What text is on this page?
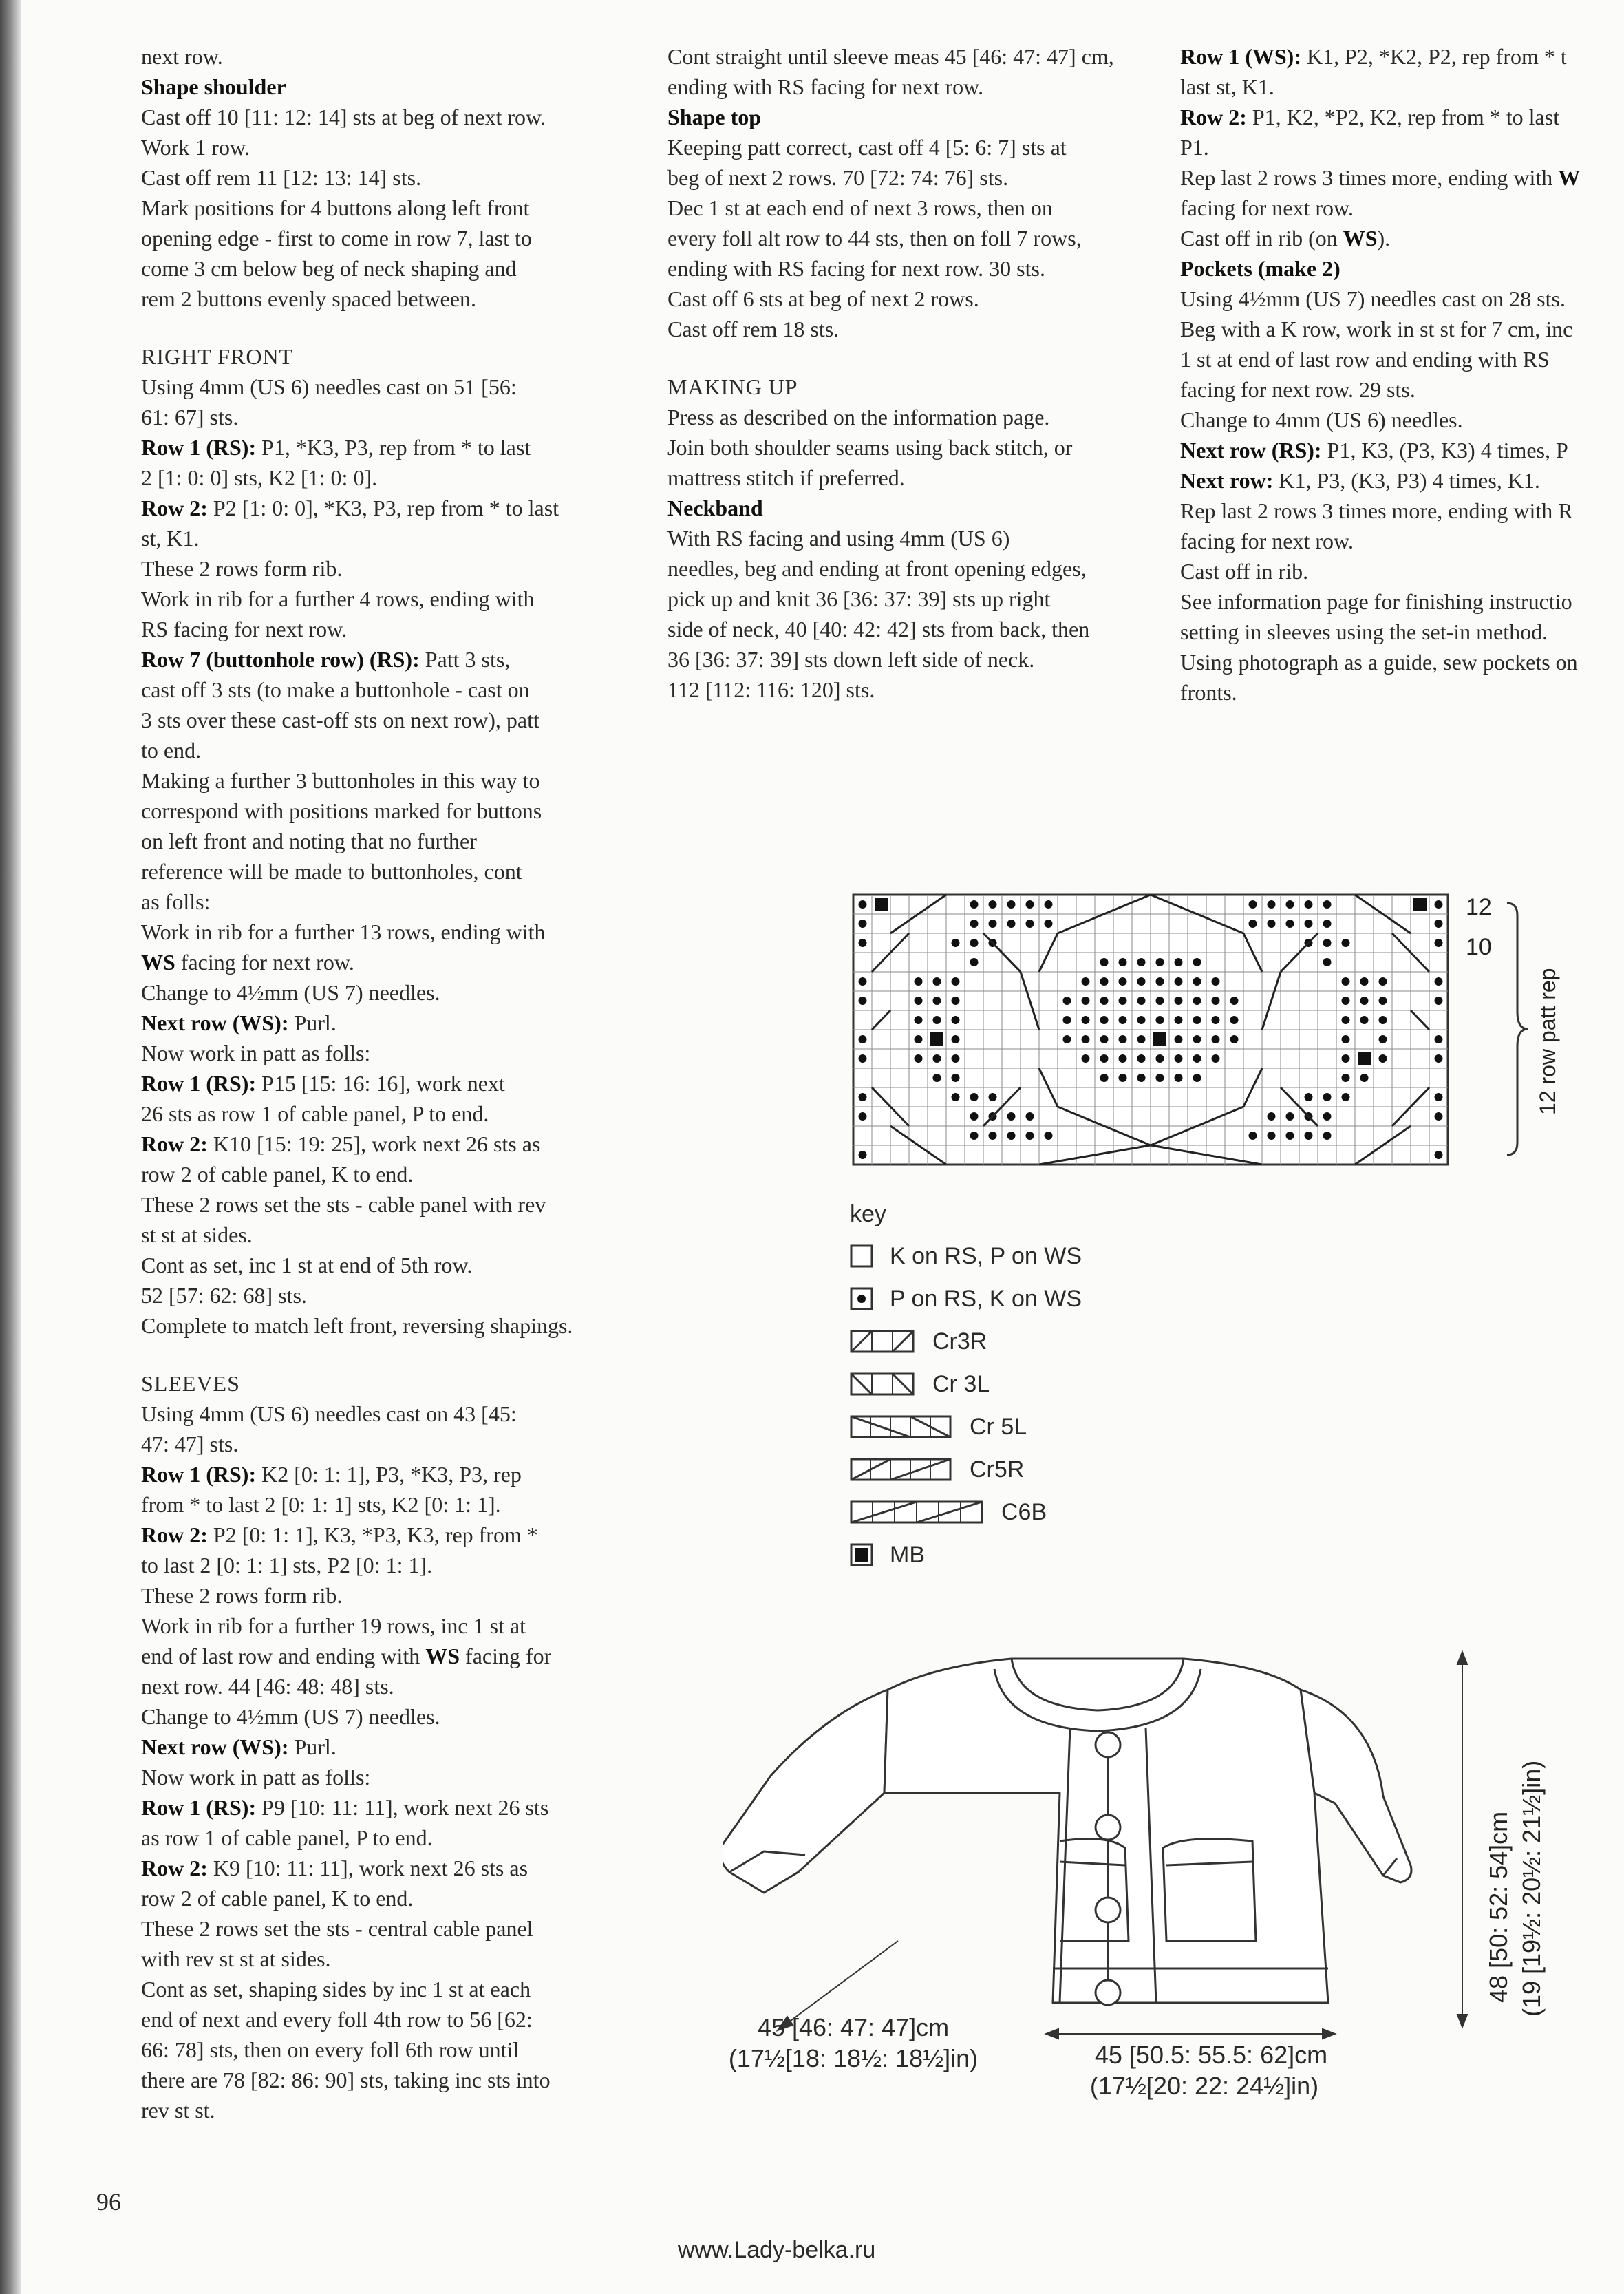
next row.

Shape shoulder

Cast off 10 [11: 12: 14] sts at beg of next row.

Work 1 row.

Cast off rem 11 [12: 13: 14] sts.

Mark positions for 4 buttons along left front

opening edge - first to come in row 7, last to

come 3 cm below beg of neck shaping and

rem 2 buttons evenly spaced between.

RIGHT FRONT

Using 4mm (US 6) needles cast on 51 [56:
61: 67] sts.

Row 1 (RS): P1, *K3, P3, rep from * to last
2 [1: 0: 0] sts, K2 [1: 0: 0].

Row 2: P2 [1: 0: 0], *K3, P3, rep from * to last
st, K1.

These 2 rows form rib.

Work in rib for a further 4 rows, ending with
RS facing for next row.

Row 7 (buttonhole row) (RS): Patt 3 sts,
cast off 3 sts (to make a buttonhole - cast on
3 sts over these cast-off sts on next row), patt
to end.

Making a further 3 buttonholes in this way to
correspond with positions marked for buttons
on left front and noting that no further
reference will be made to buttonholes, cont
as folls:

Work in rib for a further 13 rows, ending with
WS facing for next row.

Change to 4½mm (US 7) needles.

Next row (WS): Purl.

Now work in patt as folls:

Row 1 (RS): P15 [15: 16: 16], work next
26 sts as row 1 of cable panel, P to end.

Row 2: K10 [15: 19: 25], work next 26 sts as
row 2 of cable panel, K to end.

These 2 rows set the sts - cable panel with rev
st st at sides.

Cont as set, inc 1 st at end of 5th row.
52 [57: 62: 68] sts.

Complete to match left front, reversing shapings.

SLEEVES

Using 4mm (US 6) needles cast on 43 [45:
47: 47] sts.

Row 1 (RS): K2 [0: 1: 1], P3, *K3, P3, rep
from * to last 2 [0: 1: 1] sts, K2 [0: 1: 1].

Row 2: P2 [0: 1: 1], K3, *P3, K3, rep from *
to last 2 [0: 1: 1] sts, P2 [0: 1: 1].

These 2 rows form rib.

Work in rib for a further 19 rows, inc 1 st at
end of last row and ending with WS facing for
next row. 44 [46: 48: 48] sts.

Change to 4½mm (US 7) needles.

Next row (WS): Purl.

Now work in patt as folls:

Row 1 (RS): P9 [10: 11: 11], work next 26 sts
as row 1 of cable panel, P to end.

Row 2: K9 [10: 11: 11], work next 26 sts as
row 2 of cable panel, K to end.

These 2 rows set the sts - central cable panel
with rev st st at sides.

Cont as set, shaping sides by inc 1 st at each
end of next and every foll 4th row to 56 [62:
66: 78] sts, then on every foll 6th row until
there are 78 [82: 86: 90] sts, taking inc sts into
rev st st.

Cont straight until sleeve meas 45 [46: 47: 47] cm,
ending with RS facing for next row.

Shape top

Keeping patt correct, cast off 4 [5: 6: 7] sts at
beg of next 2 rows. 70 [72: 74: 76] sts.
Dec 1 st at each end of next 3 rows, then on
every foll alt row to 44 sts, then on foll 7 rows,
ending with RS facing for next row. 30 sts.
Cast off 6 sts at beg of next 2 rows.
Cast off rem 18 sts.

MAKING UP

Press as described on the information page.
Join both shoulder seams using back stitch, or
mattress stitch if preferred.

Neckband

With RS facing and using 4mm (US 6)
needles, beg and ending at front opening edges,
pick up and knit 36 [36: 37: 39] sts up right
side of neck, 40 [40: 42: 42] sts from back, then
36 [36: 37: 39] sts down left side of neck.
112 [112: 116: 120] sts.

Row 1 (WS): K1, P2, *K2, P2, rep from * t
last st, K1.

Row 2: P1, K2, *P2, K2, rep from * to last
P1.

Rep last 2 rows 3 times more, ending with W
facing for next row.

Cast off in rib (on WS).

Pockets (make 2)

Using 4½mm (US 7) needles cast on 28 sts.
Beg with a K row, work in st st for 7 cm, inc
1 st at end of last row and ending with RS
facing for next row. 29 sts.
Change to 4mm (US 6) needles.

Next row (RS): P1, K3, (P3, K3) 4 times, P

Next row: K1, P3, (K3, P3) 4 times, K1.

Rep last 2 rows 3 times more, ending with R
facing for next row.
Cast off in rib.
See information page for finishing instructio
setting in sleeves using the set-in method.
Using photograph as a guide, sew pockets on
fronts.

12
10
12 row patt rep
key
K on RS, P on WS
P on RS, K on WS
Cr3R
Cr 3L
Cr 5L
Cr5R
C6B
MB
48 [50: 52: 54]cm (19 [19½: 20½: 21½]in)
45 [46: 47: 47]cm
(17½[18: 18½: 18½]in)	45 [50.5: 55.5: 62]cm
(17½[20: 22: 24½]in)
96
www.Lady-belka.ru
